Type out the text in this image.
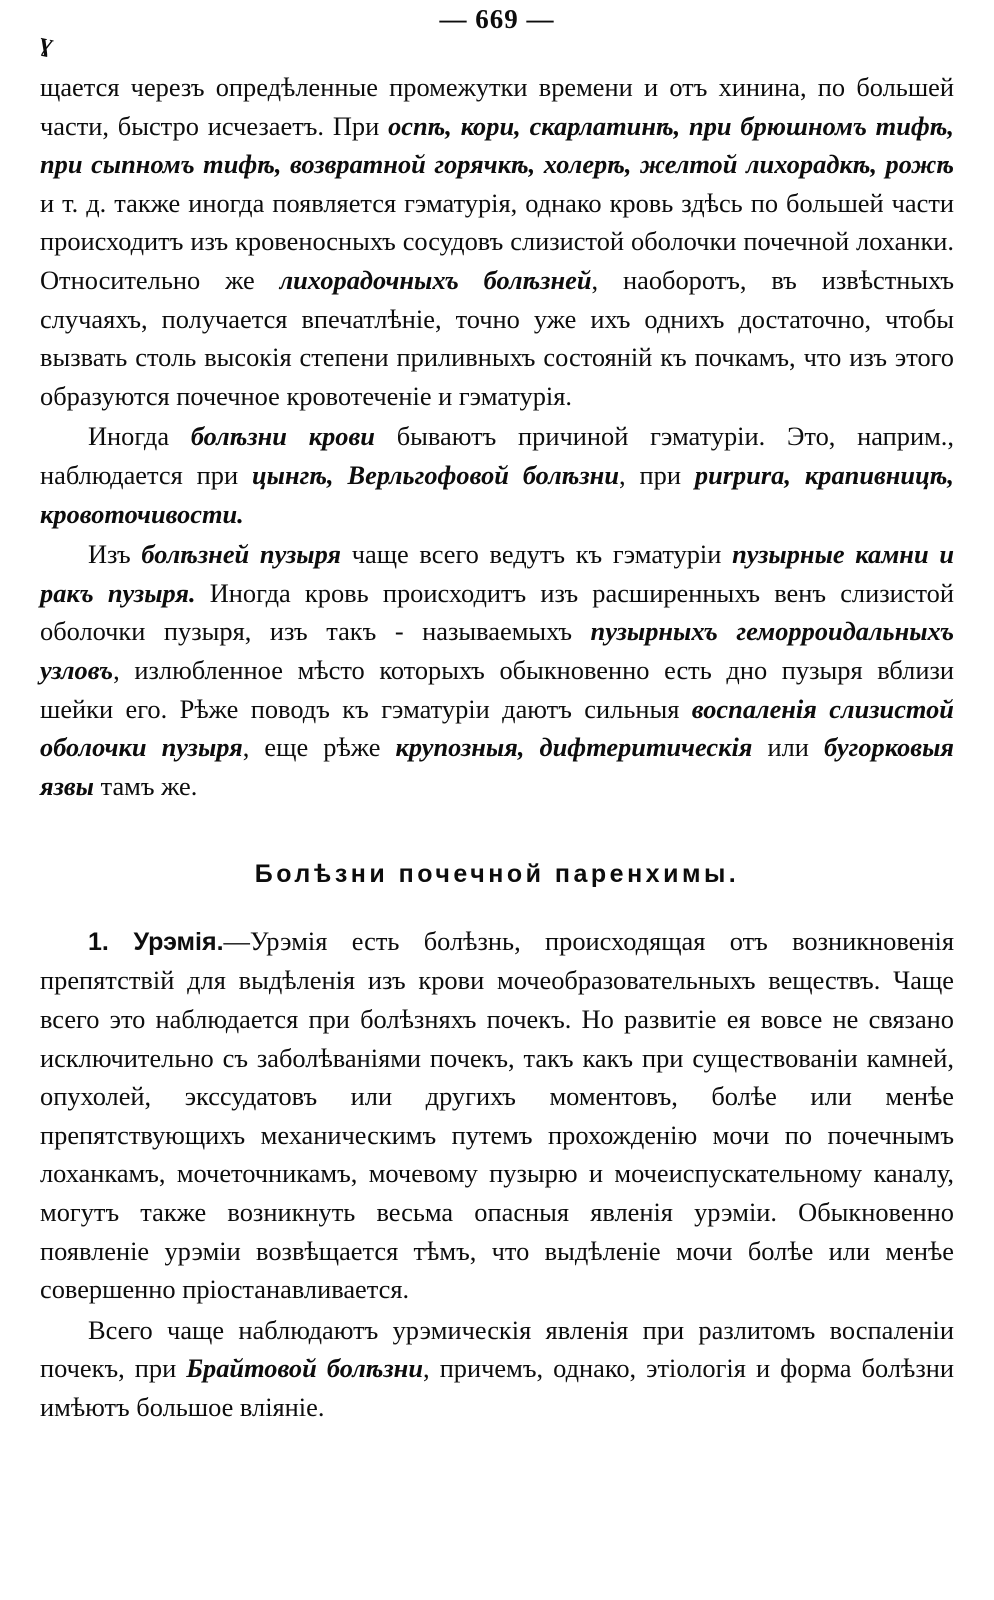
— 669 —
ɣ

щается черезъ опредѣленные промежутки времени и отъ хинина, по большей части, быстро исчезаетъ. При оспѣ, кори, скарлатинѣ, при брюшномъ тифѣ, при сыпномъ тифѣ, возвратной горячкѣ, холерѣ, желтой лихорадкѣ, рожѣ и т. д. также иногда появляется гэматурія, однако кровь здѣсь по большей части происходитъ изъ кровеносныхъ сосудовъ слизистой оболочки почечной лоханки. Относительно же лихорадочныхъ болѣзней, наоборотъ, въ извѣстныхъ случаяхъ, получается впечатлѣніе, точно уже ихъ однихъ достаточно, чтобы вызвать столь высокія степени приливныхъ состояній къ почкамъ, что изъ этого образуются почечное кровотеченіе и гэматурія.

Иногда болѣзни крови бываютъ причиной гэматуріи. Это, наприм., наблюдается при цынгѣ, Верльгофовой болѣзни, при purpura, крапивницѣ, кровоточивости.

Изъ болѣзней пузыря чаще всего ведутъ къ гэматуріи пузырные камни и ракъ пузыря. Иногда кровь происходитъ изъ расширенныхъ венъ слизистой оболочки пузыря, изъ такъ - называемыхъ пузырныхъ геморроидальныхъ узловъ, излюбленное мѣсто которыхъ обыкновенно есть дно пузыря вблизи шейки его. Рѣже поводъ къ гэматуріи даютъ сильныя воспаленія слизистой оболочки пузыря, еще рѣже крупозныя, дифтеритическія или бугорковыя язвы тамъ же.

Болѣзни почечной паренхимы.

1. Урэмія.—Урэмія есть болѣзнь, происходящая отъ возникновенія препятствій для выдѣленія изъ крови мочеобразовательныхъ веществъ. Чаще всего это наблюдается при болѣзняхъ почекъ. Но развитіе ея вовсе не связано исключительно съ заболѣваніями почекъ, такъ какъ при существованіи камней, опухолей, экссудатовъ или другихъ моментовъ, болѣе или менѣе препятствующихъ механическимъ путемъ прохожденію мочи по почечнымъ лоханкамъ, мочеточникамъ, мочевому пузырю и мочеиспускательному каналу, могутъ также возникнуть весьма опасныя явленія урэміи. Обыкновенно появленіе урэміи возвѣщается тѣмъ, что выдѣленіе мочи болѣе или менѣе совершенно пріостанавливается.

Всего чаще наблюдаютъ урэмическія явленія при разлитомъ воспаленіи почекъ, при Брайтовой болѣзни, причемъ, однако, этіологія и форма болѣзни имѣютъ большое вліяніе.
